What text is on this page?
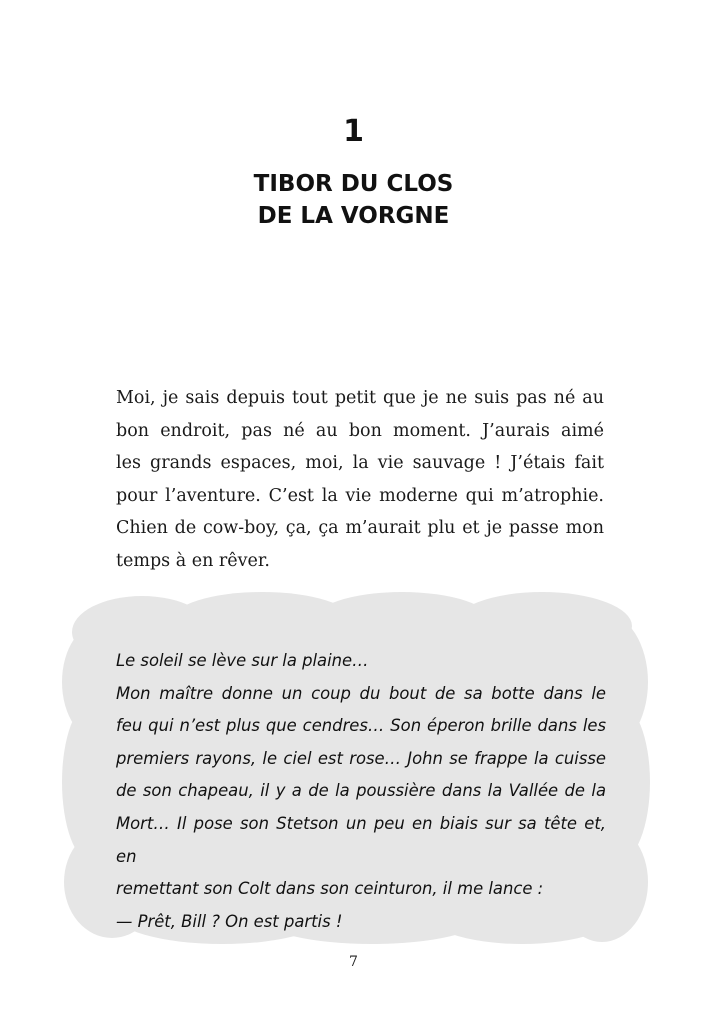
1
TIBOR DU CLOS
DE LA VORGNE
Moi, je sais depuis tout petit que je ne suis pas né au
bon endroit, pas né au bon moment. J’aurais aimé
les grands espaces, moi, la vie sauvage ! J’étais fait
pour l’aventure. C’est la vie moderne qui m’atrophie.
Chien de cow-boy, ça, ça m’aurait plu et je passe mon
temps à en rêver.
Le soleil se lève sur la plaine…
Mon maître donne un coup du bout de sa botte dans le
feu qui n’est plus que cendres… Son éperon brille dans les
premiers rayons, le ciel est rose… John se frappe la cuisse
de son chapeau, il y a de la poussière dans la Vallée de la
Mort… Il pose son Stetson un peu en biais sur sa tête et, en
remettant son Colt dans son ceinturon, il me lance :
— Prêt, Bill ? On est partis !
7
